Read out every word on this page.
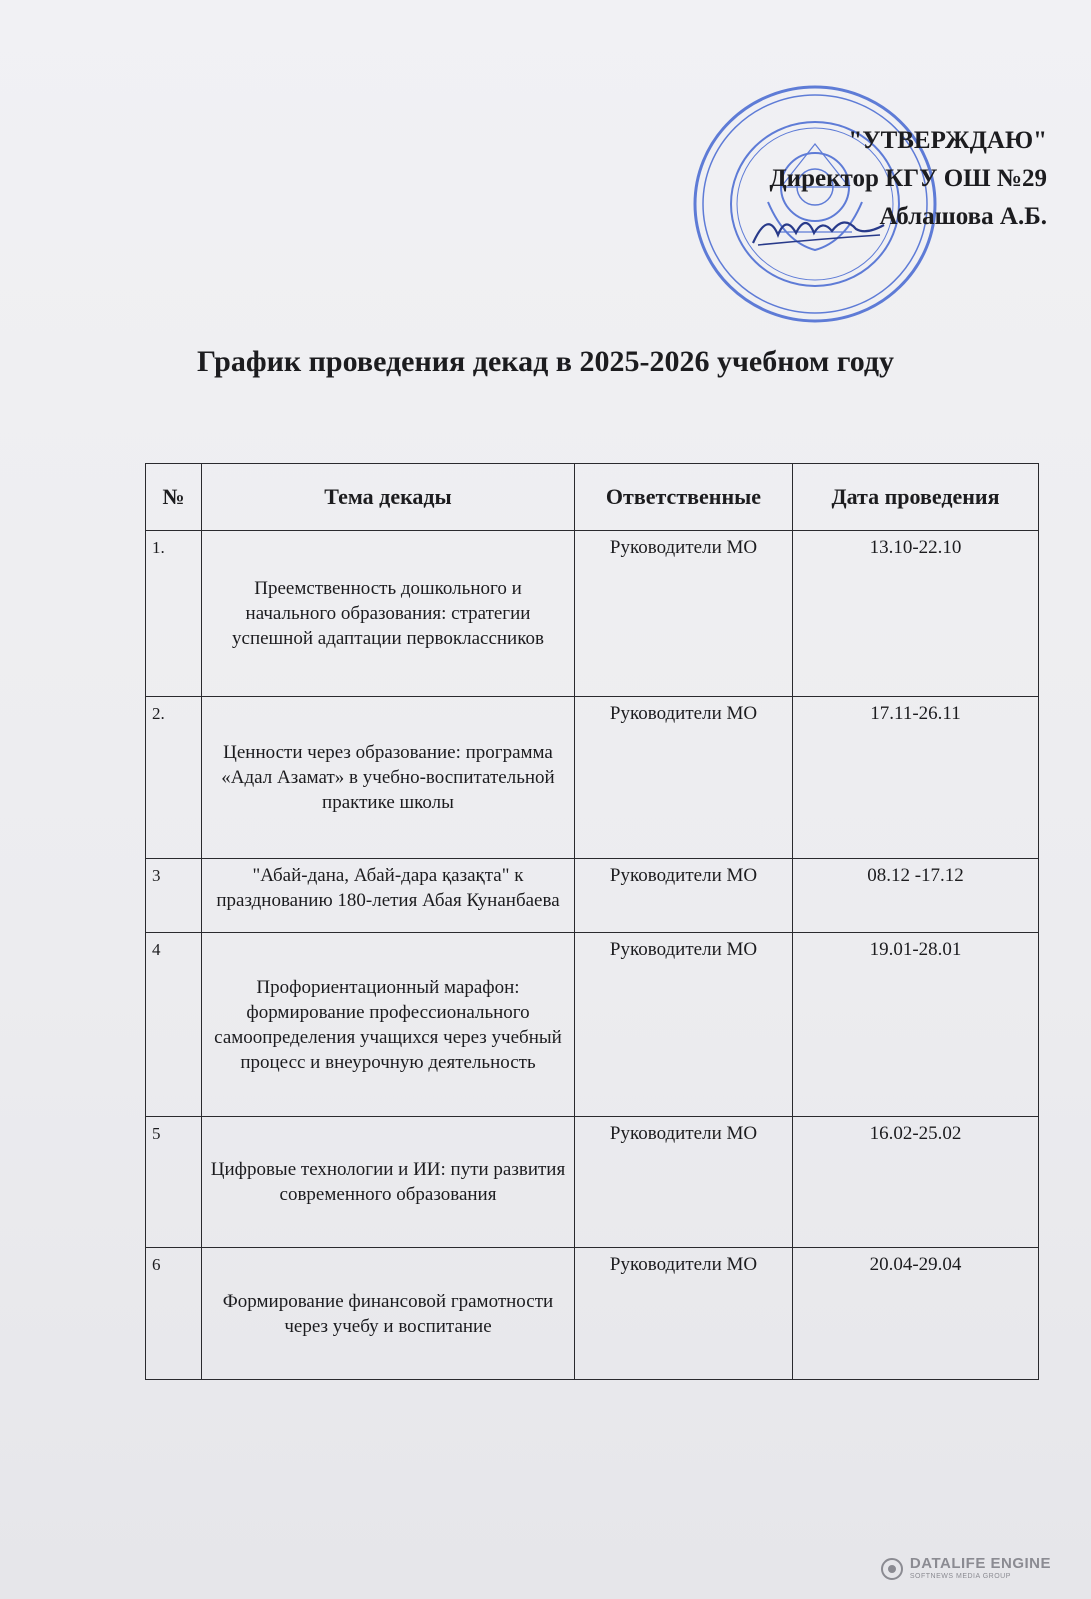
"УТВЕРЖДАЮ"
Директор КГУ ОШ №29
Аблашова А.Б.
График проведения декад в 2025-2026 учебном году
№	Тема декады	Ответственные	Дата проведения
1.	Преемственность дошкольного и начального образования: стратегии успешной адаптации первоклассников	Руководители МО	13.10-22.10
2.	Ценности через образование: программа «Адал Азамат» в учебно-воспитательной практике школы	Руководители МО	17.11-26.11
3	"Абай-дана, Абай-дара қазақта" к празднованию 180-летия Абая Кунанбаева	Руководители МО	08.12 -17.12
4	Профориентационный марафон: формирование профессионального самоопределения учащихся через учебный процесс и внеурочную деятельность	Руководители МО	19.01-28.01
5	Цифровые технологии и ИИ: пути развития современного образования	Руководители МО	16.02-25.02
6	Формирование финансовой грамотности через учебу и воспитание	Руководители МО	20.04-29.04
DATALIFE ENGINE
SOFTNEWS MEDIA GROUP
